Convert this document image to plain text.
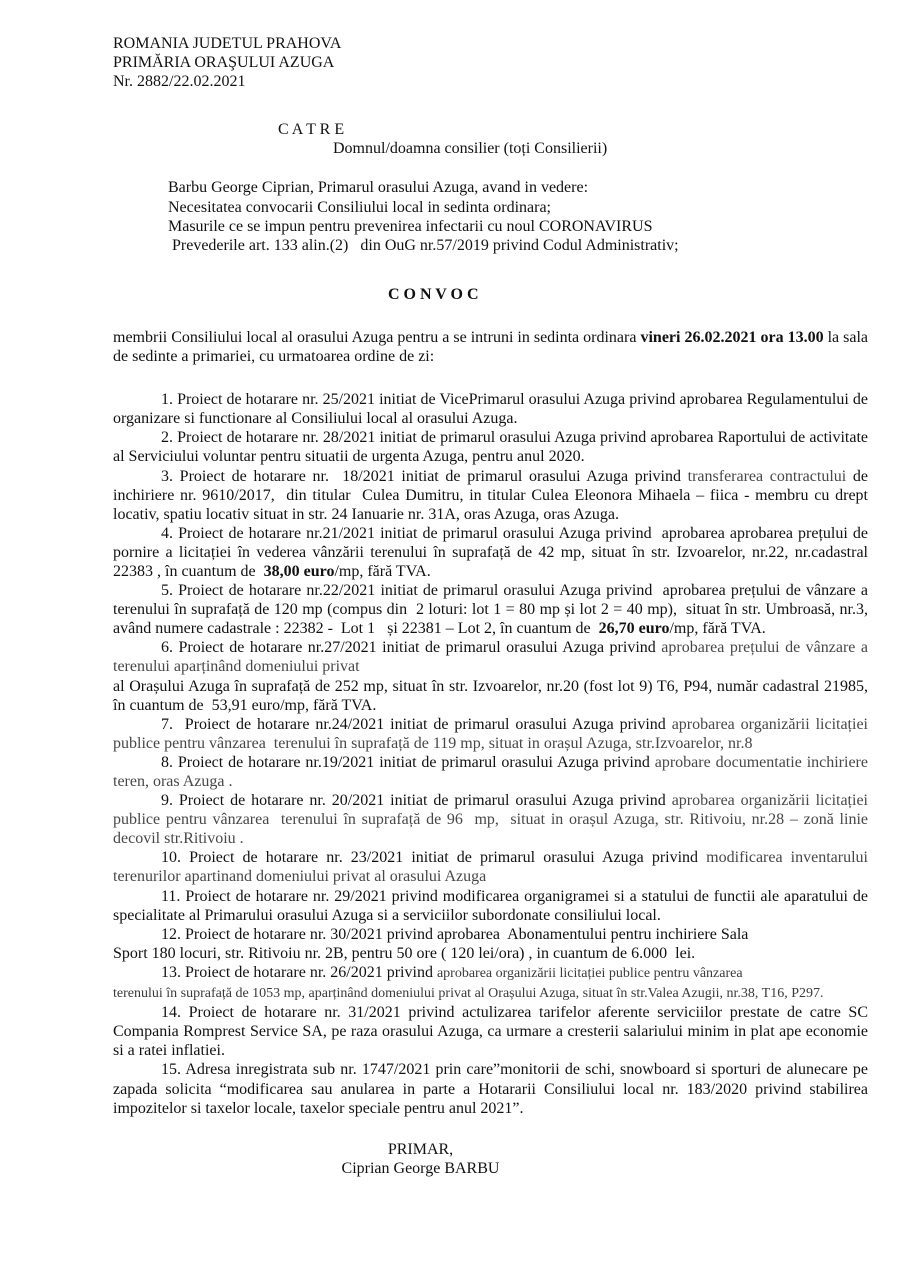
ROMANIA JUDETUL PRAHOVA
PRIMĂRIA ORAŞULUI AZUGA
Nr. 2882/22.02.2021
C A T R E
Domnul/doamna consilier (toți Consilierii)
Barbu George Ciprian, Primarul orasului Azuga, avand in vedere:
Necesitatea convocarii Consiliului local in sedinta ordinara;
Masurile ce se impun pentru prevenirea infectarii cu noul CORONAVIRUS
Prevederile art. 133 alin.(2)   din OuG nr.57/2019 privind Codul Administrativ;
C O N V O C
membrii Consiliului local al orasului Azuga pentru a se intruni in sedinta ordinara vineri 26.02.2021 ora 13.00 la sala de sedinte a primariei, cu urmatoarea ordine de zi:

1. Proiect de hotarare nr. 25/2021 initiat de VicePrimarul orasului Azuga privind aprobarea Regulamentului de organizare si functionare al Consiliului local al orasului Azuga.

2. Proiect de hotarare nr. 28/2021 initiat de primarul orasului Azuga privind aprobarea Raportului de activitate al Serviciului voluntar pentru situatii de urgenta Azuga, pentru anul 2020.

3. Proiect de hotarare nr.  18/2021 initiat de primarul orasului Azuga privind transferarea contractului de inchiriere nr. 9610/2017,  din titular  Culea Dumitru, in titular Culea Eleonora Mihaela – fiica - membru cu drept locativ, spatiu locativ situat in str. 24 Ianuarie nr. 31A, oras Azuga, oras Azuga.

4. Proiect de hotarare nr.21/2021 initiat de primarul orasului Azuga privind  aprobarea aprobarea prețului de pornire a licitației în vederea vânzării terenului în suprafață de 42 mp, situat în str. Izvoarelor, nr.22, nr.cadastral 22383 , în cuantum de  38,00 euro/mp, fără TVA.

5. Proiect de hotarare nr.22/2021 initiat de primarul orasului Azuga privind  aprobarea prețului de vânzare a terenului în suprafață de 120 mp (compus din  2 loturi: lot 1 = 80 mp și lot 2 = 40 mp),  situat în str. Umbroasă, nr.3,  având numere cadastrale : 22382 -  Lot 1   și 22381 – Lot 2, în cuantum de  26,70 euro/mp, fără TVA.

6. Proiect de hotarare nr.27/2021 initiat de primarul orasului Azuga privind aprobarea prețului de vânzare a terenului aparținând domeniului privat
al Orașului Azuga în suprafață de 252 mp, situat în str. Izvoarelor, nr.20 (fost lot 9) T6, P94, număr cadastral 21985, în cuantum de  53,91 euro/mp, fără TVA.

7.  Proiect de hotarare nr.24/2021 initiat de primarul orasului Azuga privind aprobarea organizării licitației publice pentru vânzarea  terenului în suprafață de 119 mp, situat in orașul Azuga, str.Izvoarelor, nr.8

8. Proiect de hotarare nr.19/2021 initiat de primarul orasului Azuga privind aprobare documentatie inchiriere teren, oras Azuga .

9. Proiect de hotarare nr. 20/2021 initiat de primarul orasului Azuga privind aprobarea organizării licitației publice pentru vânzarea  terenului în suprafață de 96  mp,  situat in orașul Azuga, str. Ritivoiu, nr.28 – zonă linie decovil str.Ritivoiu .

10. Proiect de hotarare nr. 23/2021 initiat de primarul orasului Azuga privind modificarea inventarului terenurilor apartinand domeniului privat al orasului Azuga

11. Proiect de hotarare nr. 29/2021 privind modificarea organigramei si a statului de functii ale aparatului de specialitate al Primarului orasului Azuga si a serviciilor subordonate consiliului local.

12. Proiect de hotarare nr. 30/2021 privind aprobarea  Abonamentului pentru inchiriere Sala
Sport 180 locuri, str. Ritivoiu nr. 2B, pentru 50 ore ( 120 lei/ora) , in cuantum de 6.000  lei.

13. Proiect de hotarare nr. 26/2021 privind aprobarea organizării licitației publice pentru vânzarea
terenului în suprafață de 1053 mp, aparținând domeniului privat al Orașului Azuga, situat în str.Valea Azugii, nr.38, T16, P297.

14. Proiect de hotarare nr. 31/2021 privind actulizarea tarifelor aferente serviciilor prestate de catre SC Compania Romprest Service SA, pe raza orasului Azuga, ca urmare a cresterii salariului minim in plat ape economie si a ratei inflatiei.

15. Adresa inregistrata sub nr. 1747/2021 prin care”monitorii de schi, snowboard si sporturi de alunecare pe zapada solicita “modificarea sau anularea in parte a Hotararii Consiliului local nr. 183/2020 privind stabilirea impozitelor si taxelor locale, taxelor speciale pentru anul 2021”.

PRIMAR,
Ciprian George BARBU
